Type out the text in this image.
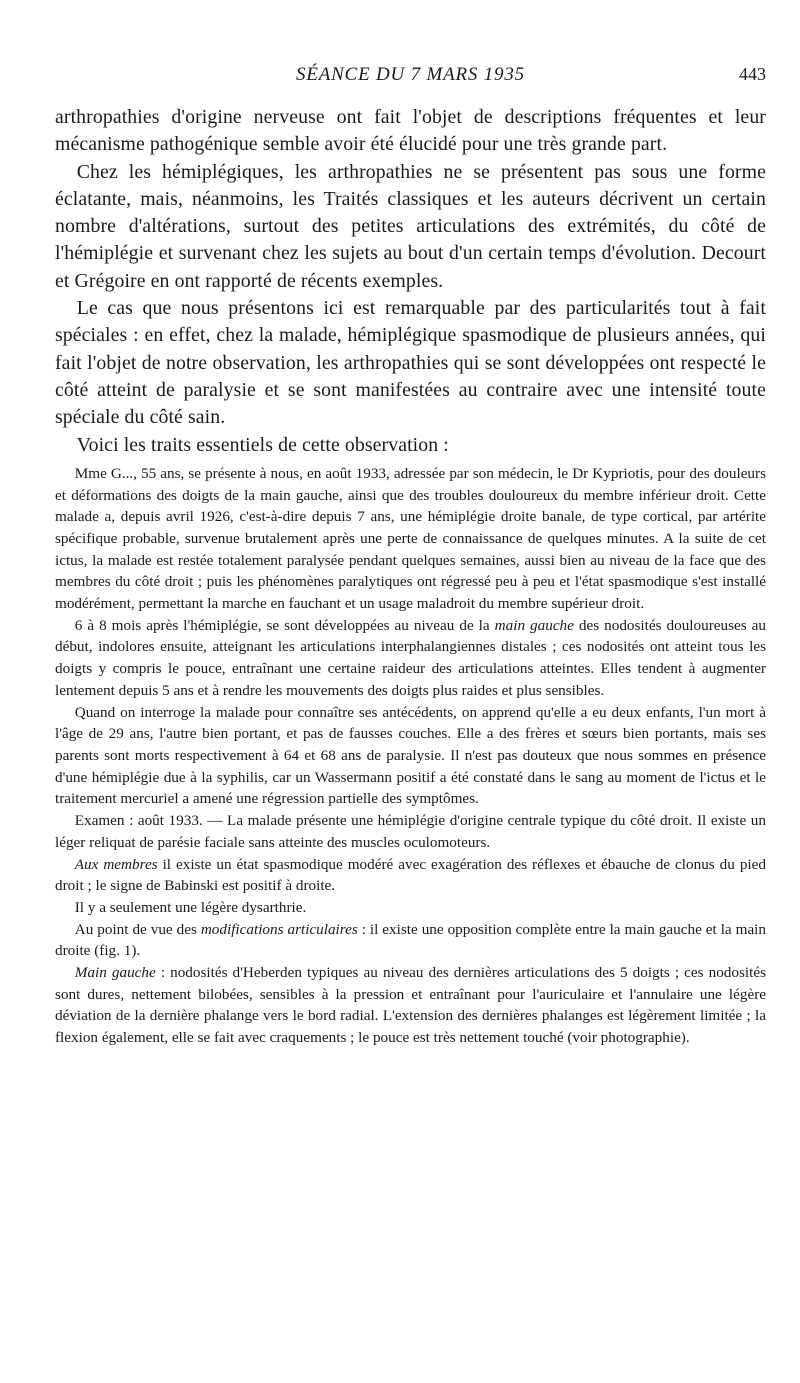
SÉANCE DU 7 MARS 1935	443

arthropathies d'origine nerveuse ont fait l'objet de descriptions fréquentes et leur mécanisme pathogénique semble avoir été élucidé pour une très grande part.

Chez les hémiplégiques, les arthropathies ne se présentent pas sous une forme éclatante, mais, néanmoins, les Traités classiques et les auteurs décrivent un certain nombre d'altérations, surtout des petites articulations des extrémités, du côté de l'hémiplégie et survenant chez les sujets au bout d'un certain temps d'évolution. Decourt et Grégoire en ont rapporté de récents exemples.

Le cas que nous présentons ici est remarquable par des particularités tout à fait spéciales : en effet, chez la malade, hémiplégique spasmodique de plusieurs années, qui fait l'objet de notre observation, les arthropathies qui se sont développées ont respecté le côté atteint de paralysie et se sont manifestées au contraire avec une intensité toute spéciale du côté sain.

Voici les traits essentiels de cette observation :

Mme G..., 55 ans, se présente à nous, en août 1933, adressée par son médecin, le Dr Kypriotis, pour des douleurs et déformations des doigts de la main gauche, ainsi que des troubles douloureux du membre inférieur droit. Cette malade a, depuis avril 1926, c'est-à-dire depuis 7 ans, une hémiplégie droite banale, de type cortical, par artérite spécifique probable, survenue brutalement après une perte de connaissance de quelques minutes. A la suite de cet ictus, la malade est restée totalement paralysée pendant quelques semaines, aussi bien au niveau de la face que des membres du côté droit ; puis les phénomènes paralytiques ont régressé peu à peu et l'état spasmodique s'est installé modérément, permettant la marche en fauchant et un usage maladroit du membre supérieur droit.

6 à 8 mois après l'hémiplégie, se sont développées au niveau de la main gauche des nodosités douloureuses au début, indolores ensuite, atteignant les articulations interphalangiennes distales ; ces nodosités ont atteint tous les doigts y compris le pouce, entraînant une certaine raideur des articulations atteintes. Elles tendent à augmenter lentement depuis 5 ans et à rendre les mouvements des doigts plus raides et plus sensibles.

Quand on interroge la malade pour connaître ses antécédents, on apprend qu'elle a eu deux enfants, l'un mort à l'âge de 29 ans, l'autre bien portant, et pas de fausses couches. Elle a des frères et sœurs bien portants, mais ses parents sont morts respectivement à 64 et 68 ans de paralysie. Il n'est pas douteux que nous sommes en présence d'une hémiplégie due à la syphilis, car un Wassermann positif a été constaté dans le sang au moment de l'ictus et le traitement mercuriel a amené une régression partielle des symptômes.

Examen : août 1933. — La malade présente une hémiplégie d'origine centrale typique du côté droit. Il existe un léger reliquat de parésie faciale sans atteinte des muscles oculomoteurs.

Aux membres il existe un état spasmodique modéré avec exagération des réflexes et ébauche de clonus du pied droit ; le signe de Babinski est positif à droite.

Il y a seulement une légère dysarthrie.

Au point de vue des modifications articulaires : il existe une opposition complète entre la main gauche et la main droite (fig. 1).

Main gauche : nodosités d'Heberden typiques au niveau des dernières articulations des 5 doigts ; ces nodosités sont dures, nettement bilobées, sensibles à la pression et entraînant pour l'auriculaire et l'annulaire une légère déviation de la dernière phalange vers le bord radial. L'extension des dernières phalanges est légèrement limitée ; la flexion également, elle se fait avec craquements ; le pouce est très nettement touché (voir photographie).
